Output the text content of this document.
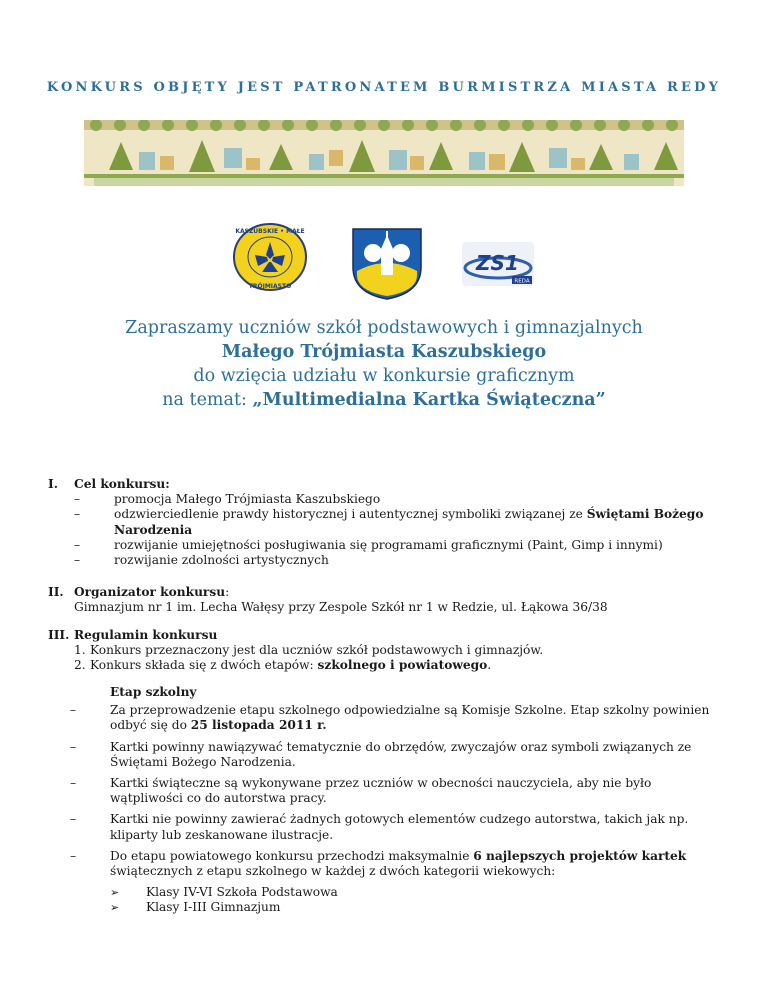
KONKURS OBJĘTY JEST PATRONATEM BURMISTRZA MIASTA REDY
KASZUBSKIE • MAŁE
TRÓJMIASTO
ZS1
REDA
Zapraszamy uczniów szkół podstawowych i gimnazjalnych
Małego Trójmiasta Kaszubskiego
do wzięcia udziału w konkursie graficznym
na temat: „Multimedialna Kartka Świąteczna”
I. Cel konkursu:
– promocja Małego Trójmiasta Kaszubskiego
– odzwierciedlenie prawdy historycznej i autentycznej symboliki związanej ze Świętami Bożego Narodzenia
– rozwijanie umiejętności posługiwania się programami graficznymi (Paint, Gimp i innymi)
– rozwijanie zdolności artystycznych
II. Organizator konkursu:
Gimnazjum nr 1 im. Lecha Wałęsy przy Zespole Szkół nr 1 w Redzie, ul. Łąkowa 36/38
III. Regulamin konkursu
1. Konkurs przeznaczony jest dla uczniów szkół podstawowych i gimnazjów.
2. Konkurs składa się z dwóch etapów: szkolnego i powiatowego.
Etap szkolny
– Za przeprowadzenie etapu szkolnego odpowiedzialne są Komisje Szkolne. Etap szkolny powinien odbyć się do 25 listopada 2011 r.
– Kartki powinny nawiązywać tematycznie do obrzędów, zwyczajów oraz symboli związanych ze Świętami Bożego Narodzenia.
– Kartki świąteczne są wykonywane przez uczniów w obecności nauczyciela, aby nie było wątpliwości co do autorstwa pracy.
– Kartki nie powinny zawierać żadnych gotowych elementów cudzego autorstwa, takich jak np. kliparty lub zeskanowane ilustracje.
– Do etapu powiatowego konkursu przechodzi maksymalnie 6 najlepszych projektów kartek świątecznych z etapu szkolnego w każdej z dwóch kategorii wiekowych:
➢ Klasy IV-VI Szkoła Podstawowa
➢ Klasy I-III Gimnazjum
